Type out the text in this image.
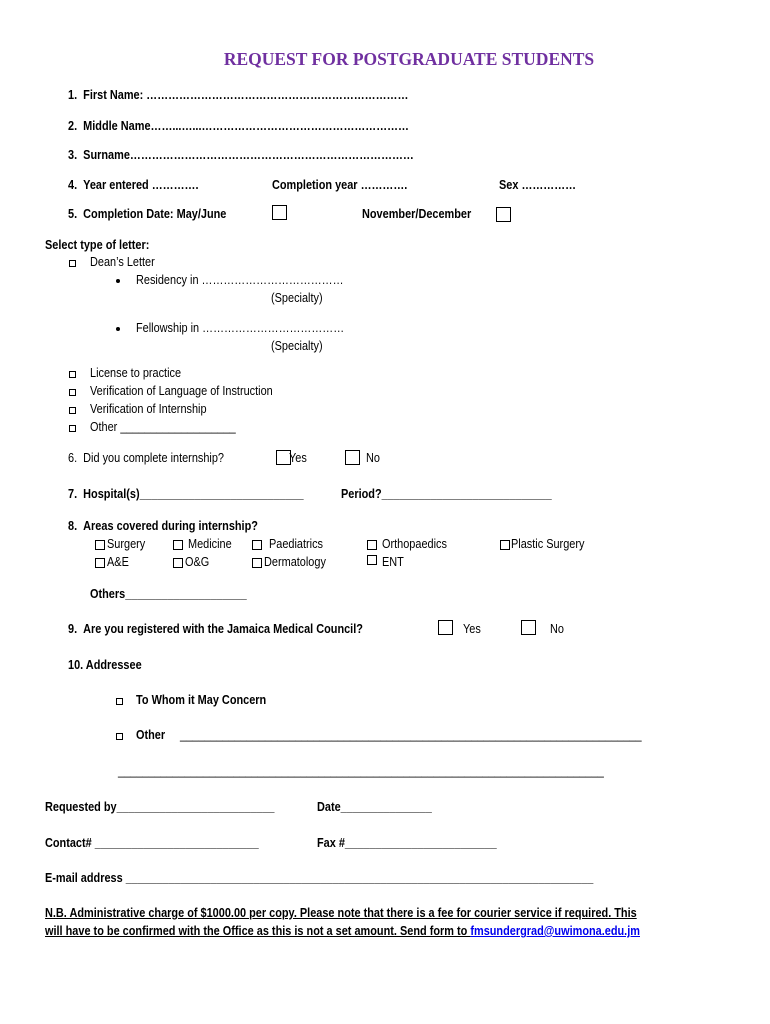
REQUEST FOR POSTGRADUATE STUDENTS
1.  First Name: ………………………………………………………………
2.  Middle Name……...…...…………………………………………………
3.  Surname……………………………………………………………………
4.  Year entered ………….	Completion year ………….	Sex ……………
5.  Completion Date: May/June	November/December
Select type of letter:
Dean’s Letter
Residency in …………………………………
(Specialty)
Fellowship in …………………………………
(Specialty)
License to practice
Verification of Language of Instruction
Verification of Internship
Other ___________________
6.  Did you complete internship?	Yes	No
7.  Hospital(s)___________________________	Period?____________________________
8.  Areas covered during internship?
Surgery	Medicine	Paediatrics	Orthopaedics	Plastic Surgery
A&E	O&G	Dermatology	ENT
Others____________________
9.  Are you registered with the Jamaica Medical Council?	Yes	No
10. Addressee
To Whom it May Concern
Other ____________________________________________________________________________
________________________________________________________________________________
Requested by__________________________	Date_______________
Contact# ___________________________	Fax #_________________________
E-mail address _____________________________________________________________________________
N.B. Administrative charge of $1000.00 per copy. Please note that there is a fee for courier service if required. This
will have to be confirmed with the Office as this is not a set amount. Send form to fmsundergrad@uwimona.edu.jm
